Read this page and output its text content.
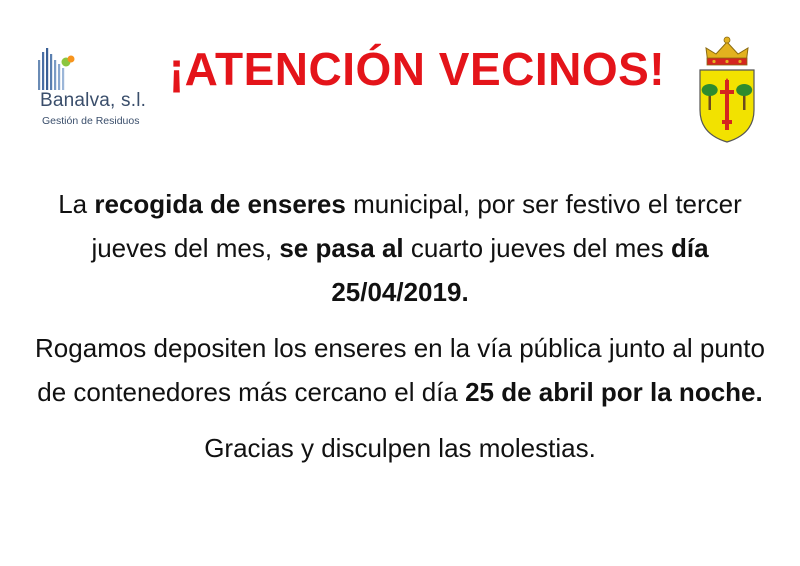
Banalva, s.l.
Gestión de Residuos
¡ATENCIÓN VECINOS!

La recogida de enseres municipal, por ser festivo el tercer jueves del mes, se pasa al cuarto jueves del mes día 25/04/2019.

Rogamos depositen los enseres en la vía pública junto al punto de contenedores más cercano el día 25 de abril por la noche.

Gracias y disculpen las molestias.
